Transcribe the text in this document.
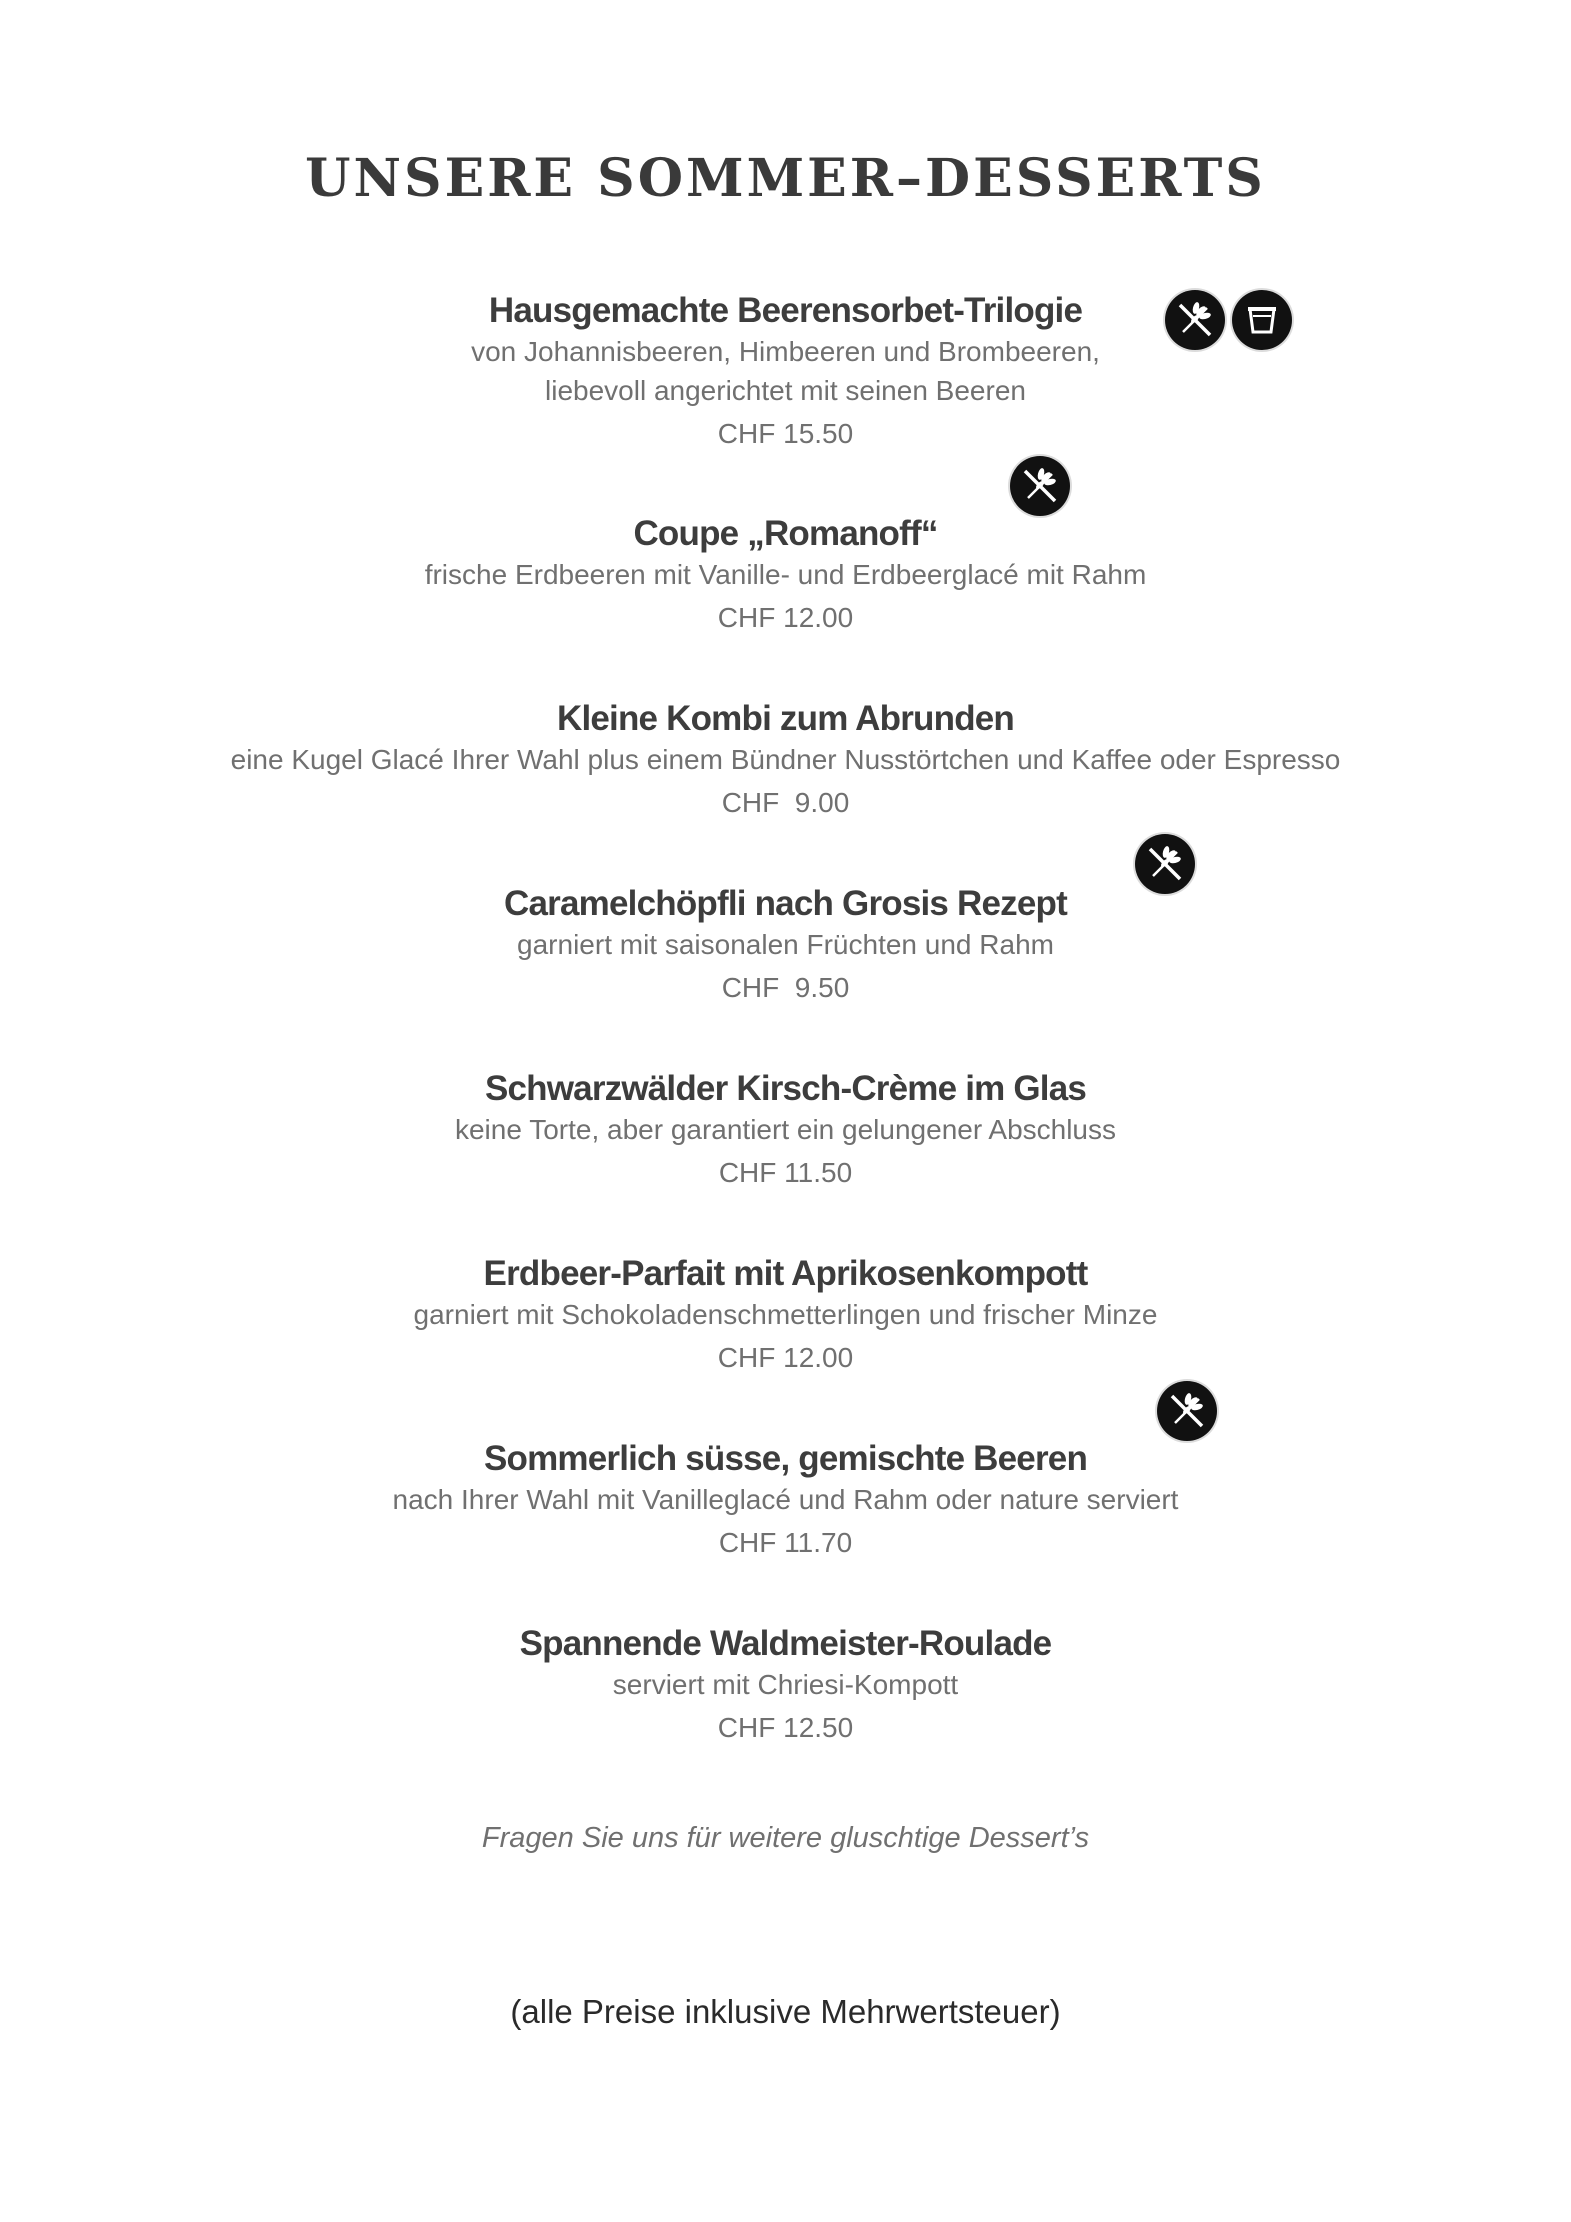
UNSERE SOMMER–DESSERTS
Hausgemachte Beerensorbet-Trilogie
von Johannisbeeren, Himbeeren und Brombeeren,
liebevoll angerichtet mit seinen Beeren
CHF 15.50
Coupe „Romanoff“
frische Erdbeeren mit Vanille- und Erdbeerglacé mit Rahm
CHF 12.00
Kleine Kombi zum Abrunden
eine Kugel Glacé Ihrer Wahl plus einem Bündner Nusstörtchen und Kaffee oder Espresso
CHF  9.00
Caramelchöpfli nach Grosis Rezept
garniert mit saisonalen Früchten und Rahm
CHF  9.50
Schwarzwälder Kirsch-Crème im Glas
keine Torte, aber garantiert ein gelungener Abschluss
CHF 11.50
Erdbeer-Parfait mit Aprikosenkompott
garniert mit Schokoladenschmetterlingen und frischer Minze
CHF 12.00
Sommerlich süsse, gemischte Beeren
nach Ihrer Wahl mit Vanilleglacé und Rahm oder nature serviert
CHF 11.70
Spannende Waldmeister-Roulade
serviert mit Chriesi-Kompott
CHF 12.50
Fragen Sie uns für weitere gluschtige Dessert’s
(alle Preise inklusive Mehrwertsteuer)
